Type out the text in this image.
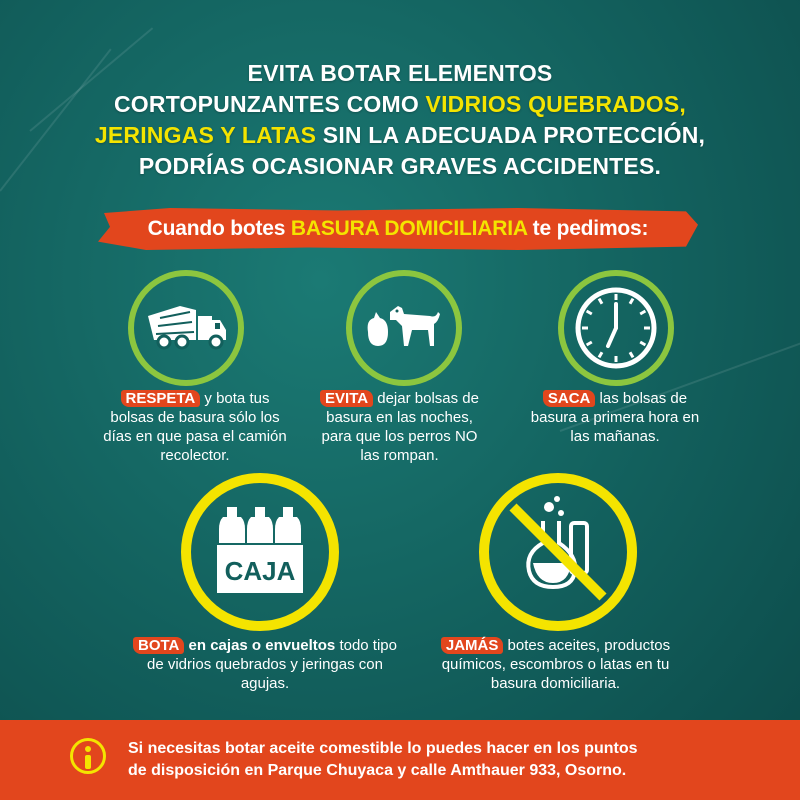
EVITA BOTAR ELEMENTOS
CORTOPUNZANTES COMO VIDRIOS QUEBRADOS,
JERINGAS Y LATAS SIN LA ADECUADA PROTECCIÓN,
PODRÍAS OCASIONAR GRAVES ACCIDENTES.
Cuando botes BASURA DOMICILIARIA te pedimos:
RESPETA y bota tus bolsas de basura sólo los días en que pasa el camión recolector.
EVITA dejar bolsas de basura en las noches, para que los perros NO las rompan.
SACA las bolsas de basura a primera hora en las mañanas.
CAJA
BOTA en cajas o envueltos todo tipo de vidrios quebrados y jeringas con agujas.
JAMÁS botes aceites, productos químicos, escombros o latas en tu basura domiciliaria.
Si necesitas botar aceite comestible lo puedes hacer en los puntos
de disposición en Parque Chuyaca y calle Amthauer 933, Osorno.
